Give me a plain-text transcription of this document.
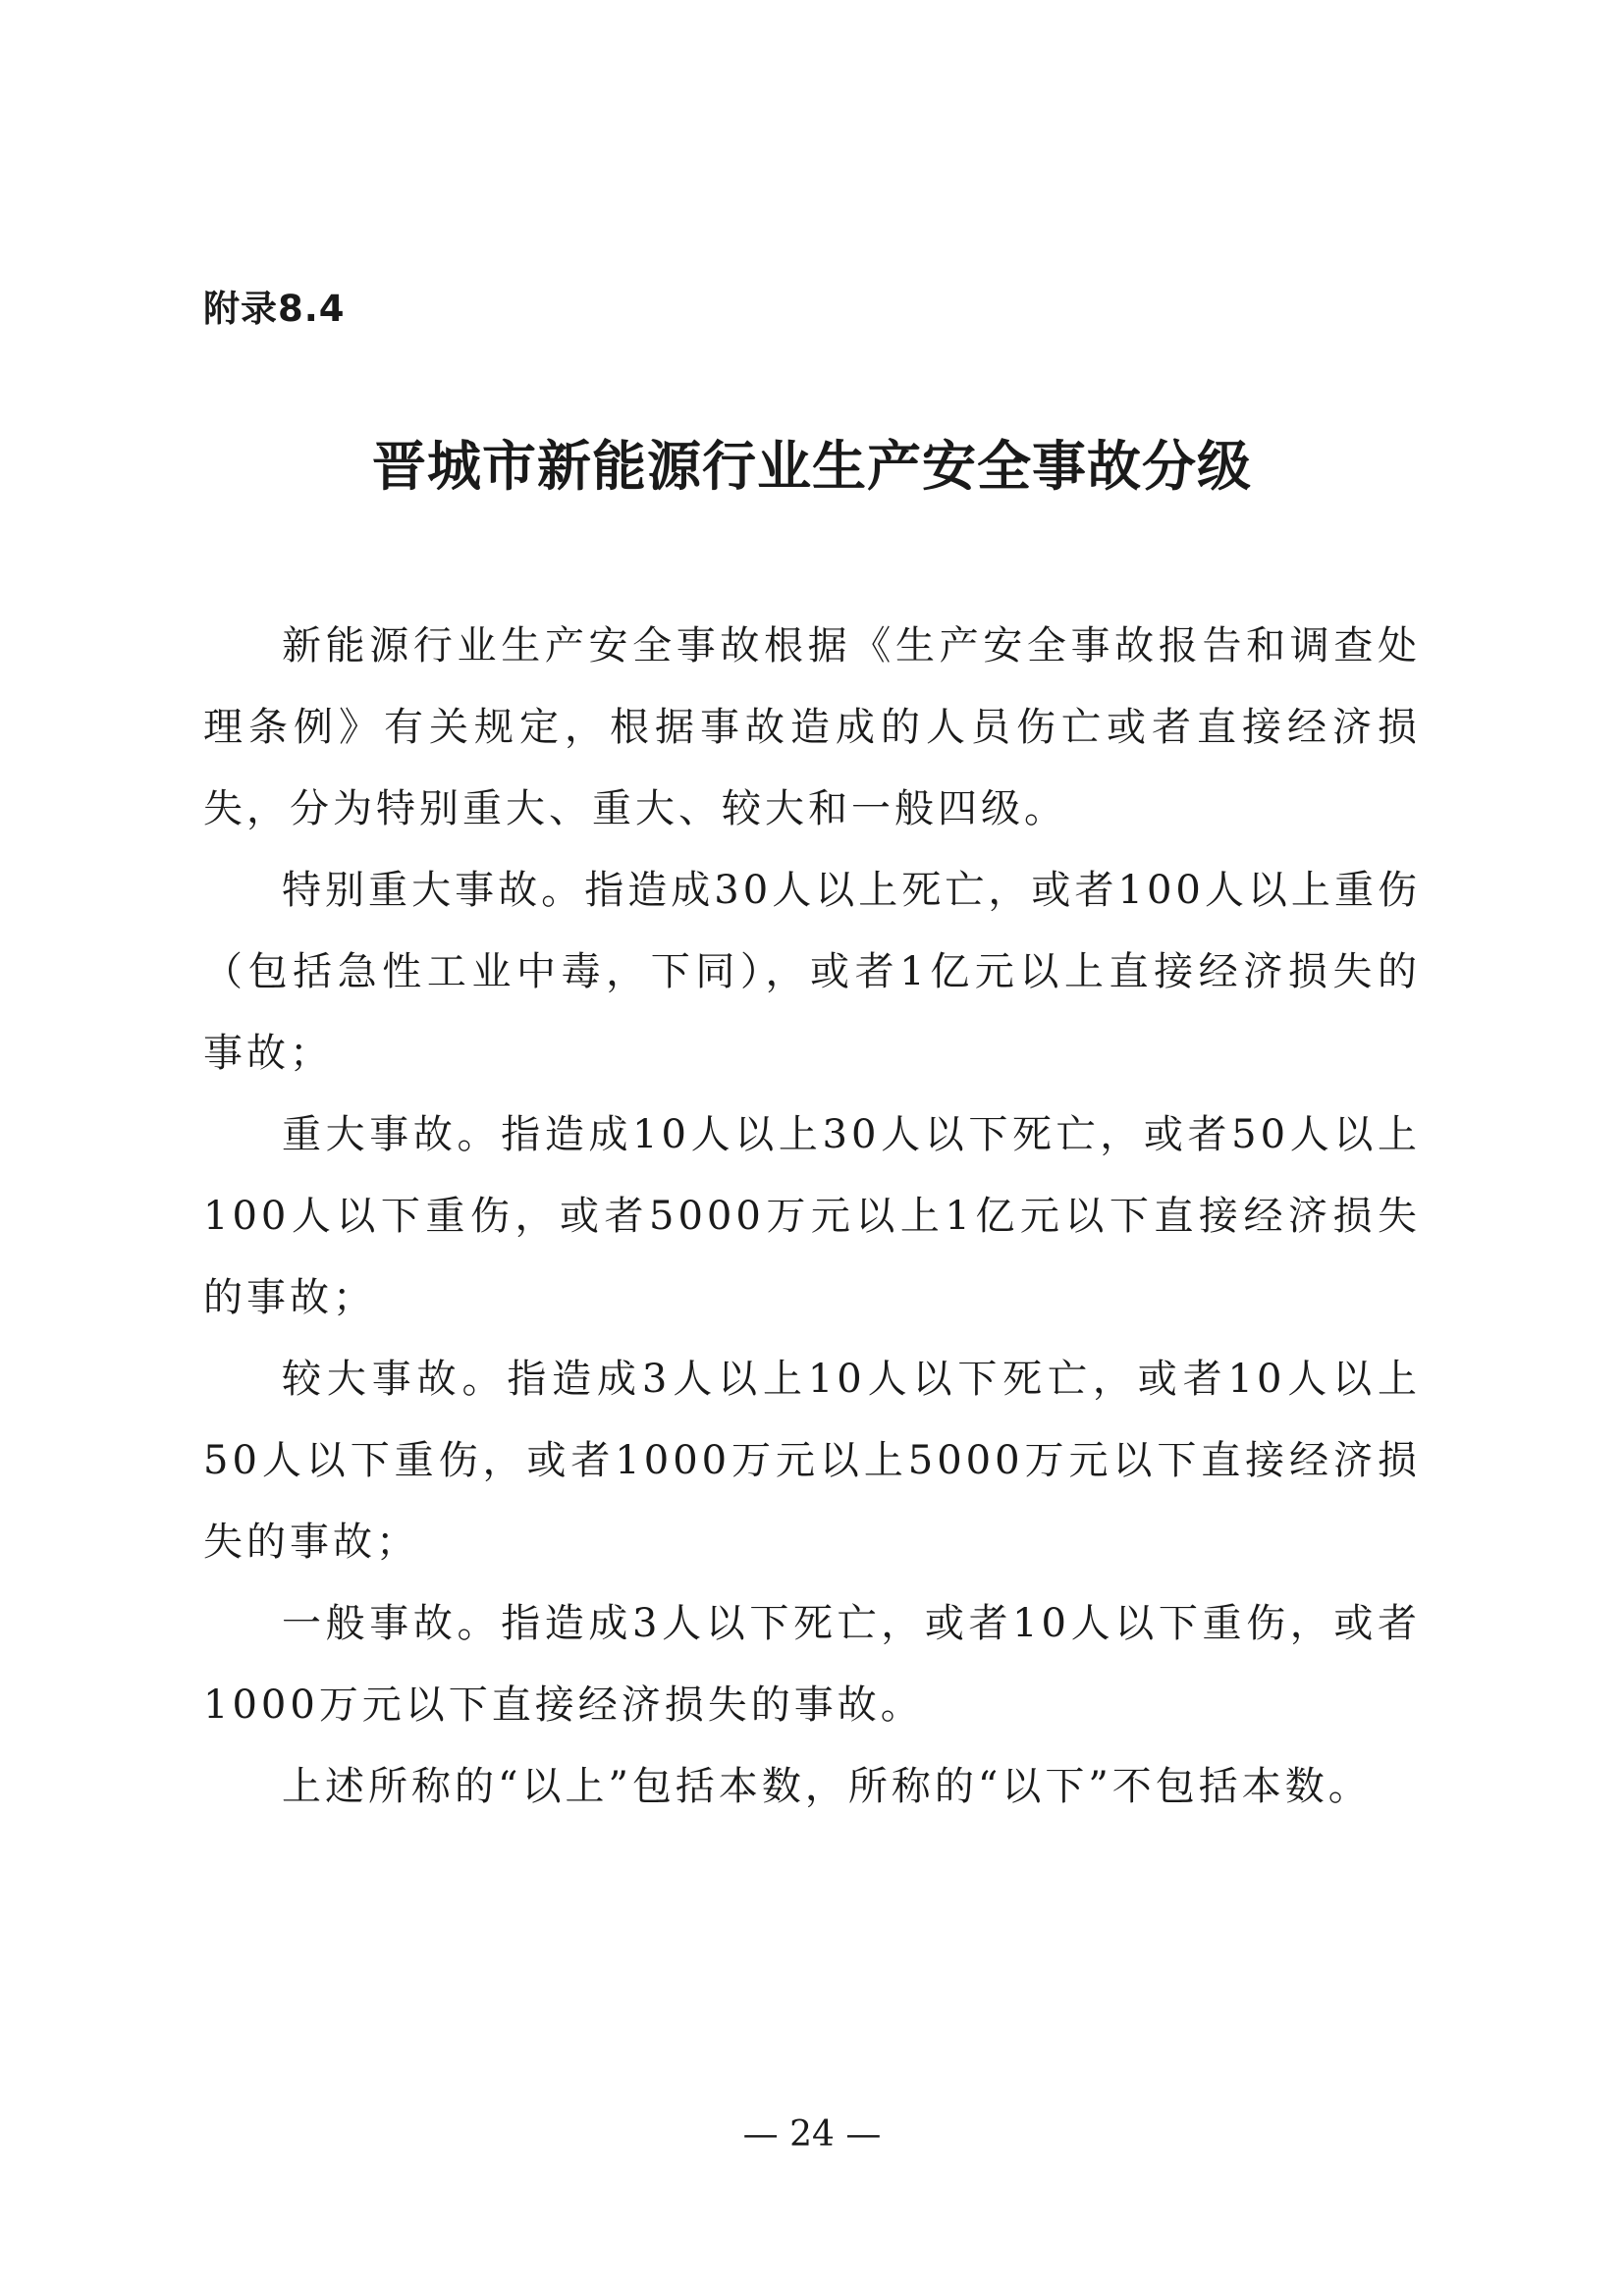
附录8.4
晋城市新能源行业生产安全事故分级

新能源行业生产安全事故根据《生产安全事故报告和调查处理条例》有关规定，根据事故造成的人员伤亡或者直接经济损失，分为特别重大、重大、较大和一般四级。

特别重大事故。指造成30人以上死亡，或者100人以上重伤（包括急性工业中毒，下同），或者1亿元以上直接经济损失的事故；

重大事故。指造成10人以上30人以下死亡，或者50人以上100人以下重伤，或者5000万元以上1亿元以下直接经济损失的事故；

较大事故。指造成3人以上10人以下死亡，或者10人以上50人以下重伤，或者1000万元以上5000万元以下直接经济损失的事故；

一般事故。指造成3人以下死亡，或者10人以下重伤，或者1000万元以下直接经济损失的事故。

上述所称的“以上”包括本数，所称的“以下”不包括本数。

— 24 —
